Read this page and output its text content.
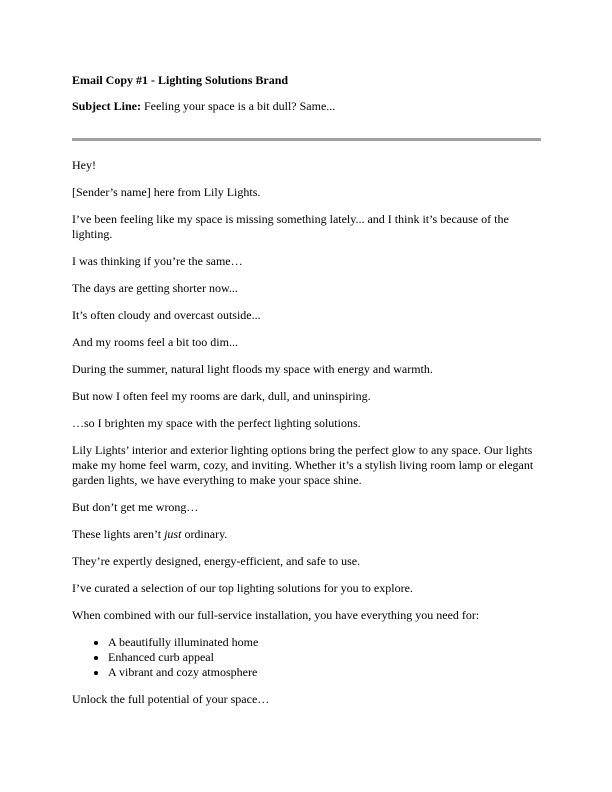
Email Copy #1 - Lighting Solutions Brand

Subject Line: Feeling your space is a bit dull? Same...

Hey!

[Sender’s name] here from Lily Lights.

I’ve been feeling like my space is missing something lately... and I think it’s because of the lighting.

I was thinking if you’re the same…

The days are getting shorter now...

It’s often cloudy and overcast outside...

And my rooms feel a bit too dim...

During the summer, natural light floods my space with energy and warmth.

But now I often feel my rooms are dark, dull, and uninspiring.

…so I brighten my space with the perfect lighting solutions.

Lily Lights’ interior and exterior lighting options bring the perfect glow to any space. Our lights make my home feel warm, cozy, and inviting. Whether it’s a stylish living room lamp or elegant garden lights, we have everything to make your space shine.

But don’t get me wrong…

These lights aren’t just ordinary.

They’re expertly designed, energy-efficient, and safe to use.

I’ve curated a selection of our top lighting solutions for you to explore.

When combined with our full-service installation, you have everything you need for:

• A beautifully illuminated home
• Enhanced curb appeal
• A vibrant and cozy atmosphere

Unlock the full potential of your space…
